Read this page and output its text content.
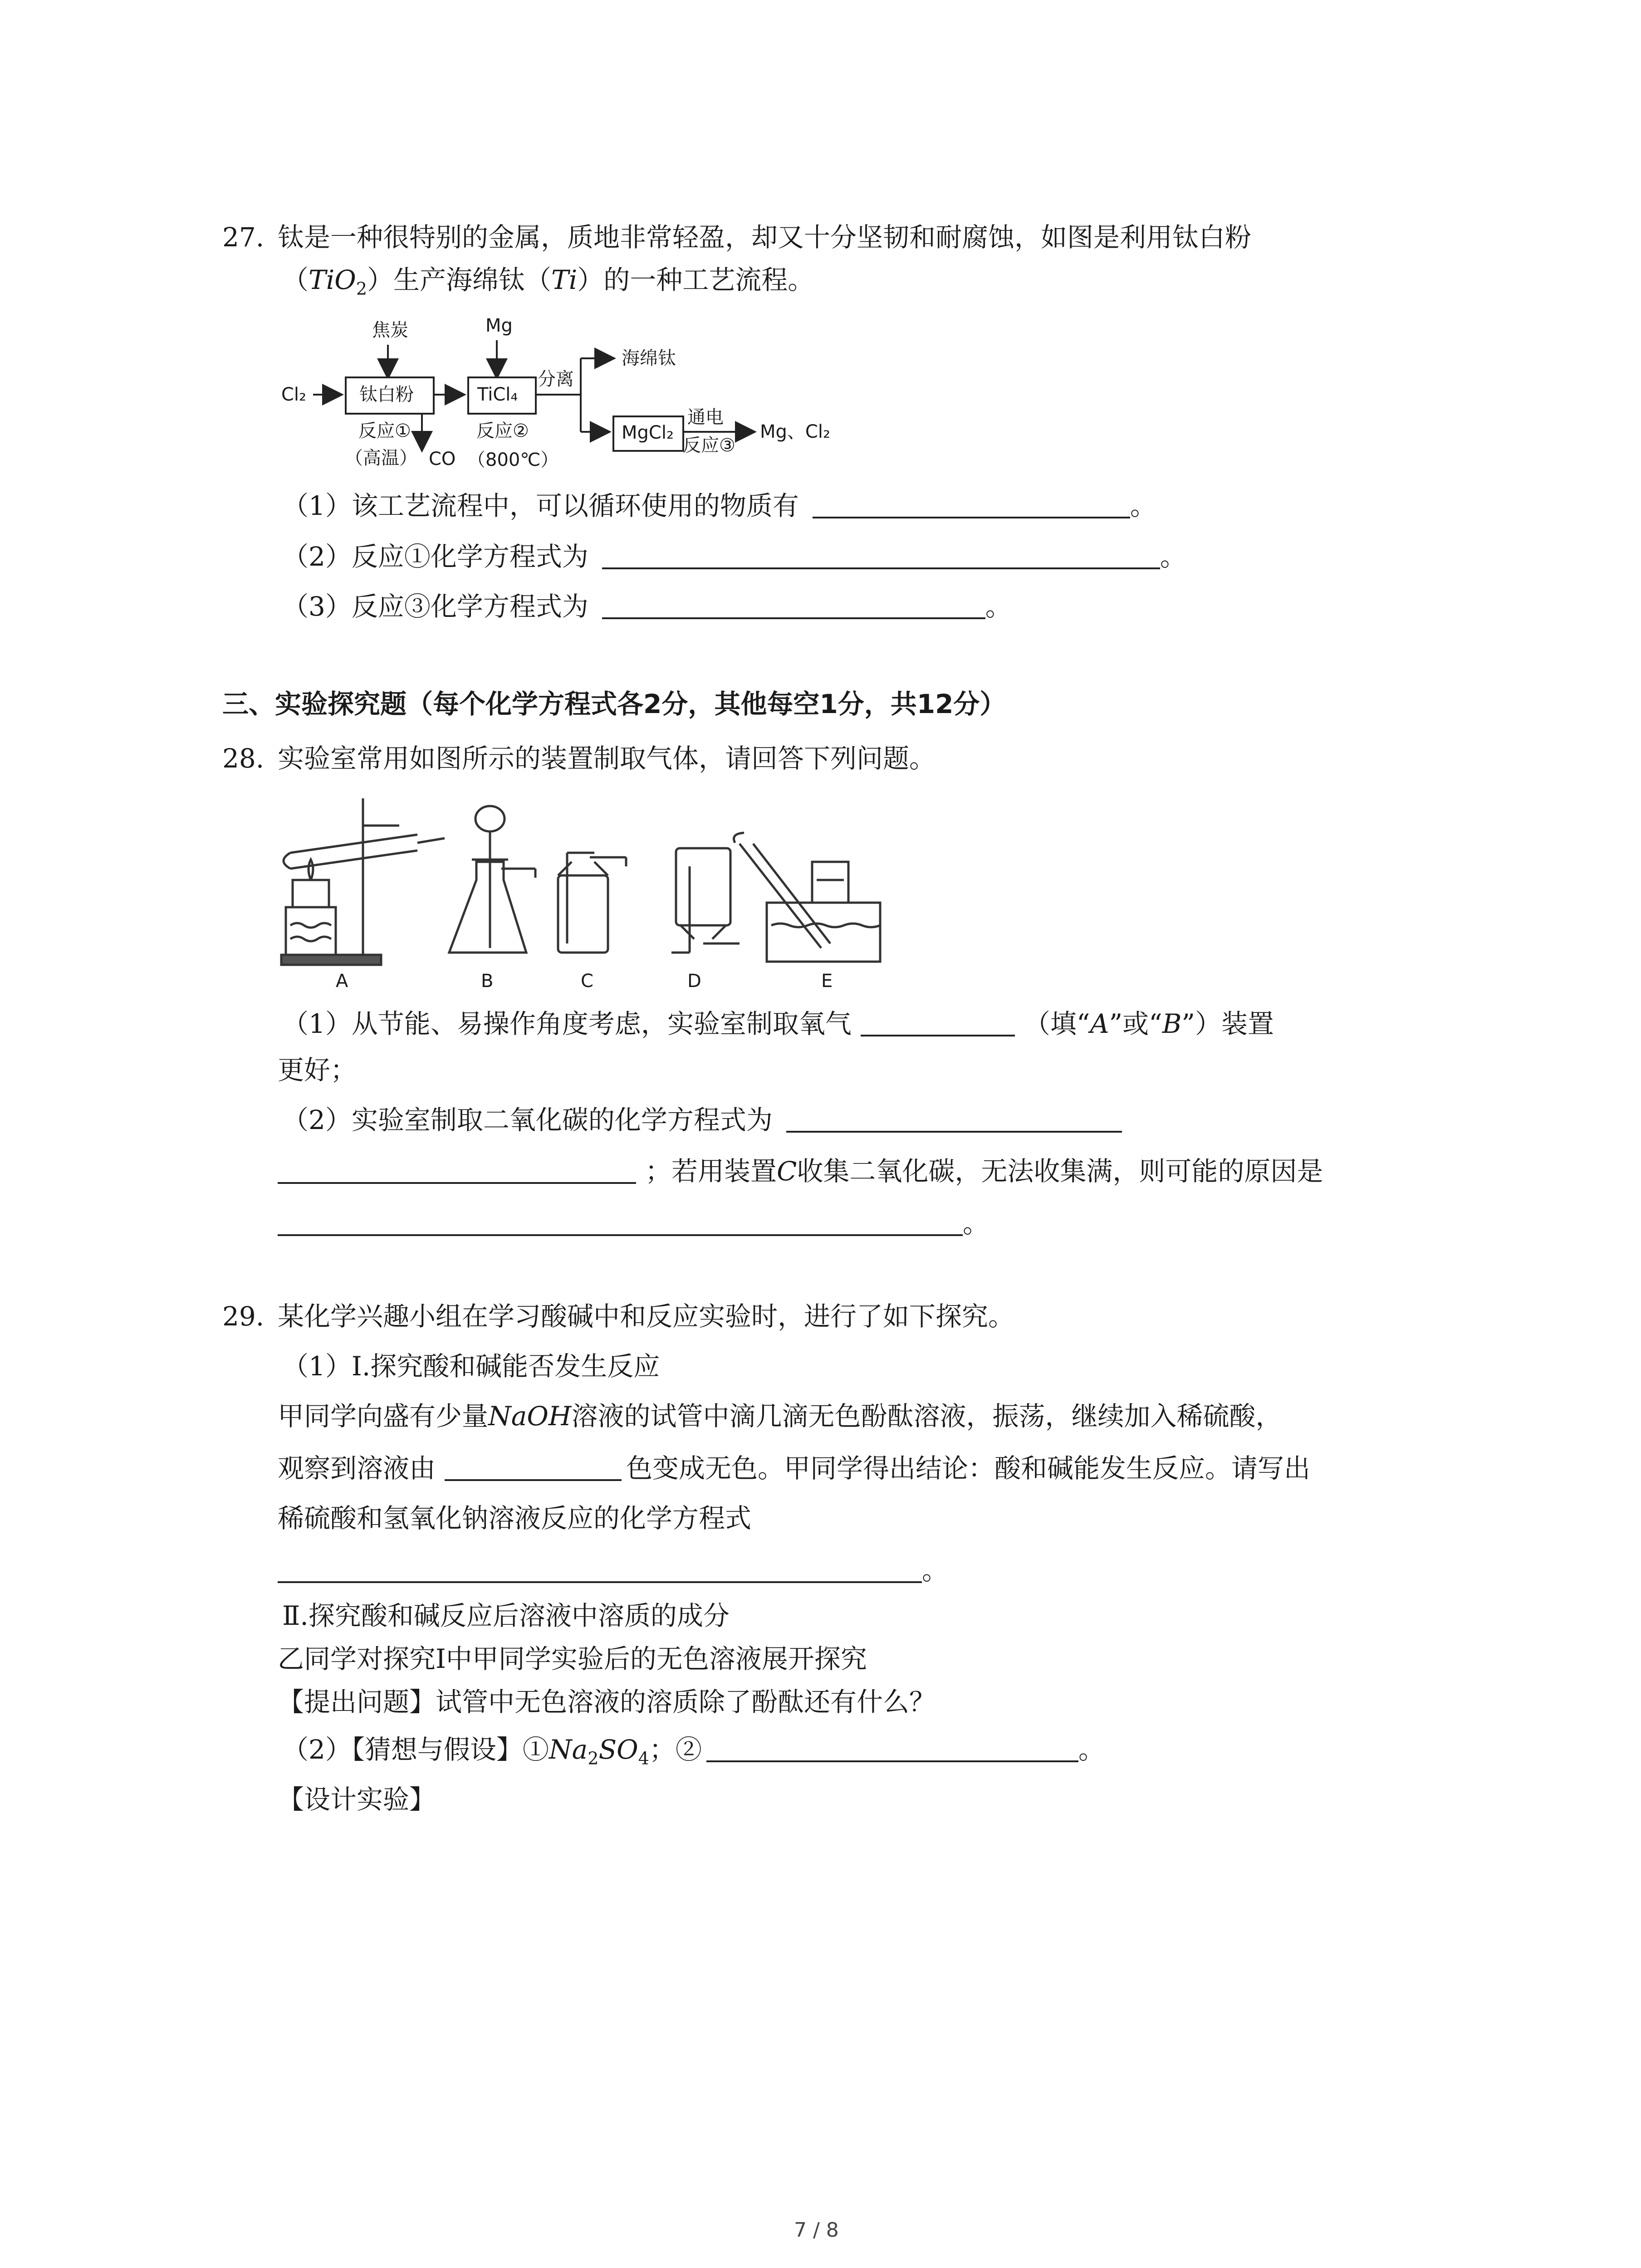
27. 钛是一种很特别的金属，质地非常轻盈，却又十分坚韧和耐腐蚀，如图是利用钛白粉
（TiO$_2$）生产海绵钛（Ti）的一种工艺流程。
焦炭	Mg
Cl₂	钛白粉	TiCl₄
分离
海绵钛
MgCl₂
通电
反应③
Mg、Cl₂
反应①
（高温） CO
反应②
（800℃）
（1）该工艺流程中，可以循环使用的物质有	。
（2）反应①化学方程式为	。
（3）反应③化学方程式为	。
三、实验探究题（每个化学方程式各2分，其他每空1分，共12分）
28. 实验室常用如图所示的装置制取气体，请回答下列问题。
A	B	C	D	E
（1）从节能、易操作角度考虑，实验室制取氧气	（填“A”或“B”）装置
更好；
（2）实验室制取二氧化碳的化学方程式为
；若用装置C收集二氧化碳，无法收集满，则可能的原因是
。
29. 某化学兴趣小组在学习酸碱中和反应实验时，进行了如下探究。
（1）Ⅰ.探究酸和碱能否发生反应
甲同学向盛有少量NaOH溶液的试管中滴几滴无色酚酞溶液，振荡，继续加入稀硫酸，
观察到溶液由	色变成无色。甲同学得出结论：酸和碱能发生反应。请写出
稀硫酸和氢氧化钠溶液反应的化学方程式
。
Ⅱ.探究酸和碱反应后溶液中溶质的成分
乙同学对探究Ⅰ中甲同学实验后的无色溶液展开探究
【提出问题】试管中无色溶液的溶质除了酚酞还有什么？
（2）【猜想与假设】$①Na_2SO_4$；②	。
【设计实验】
7 / 8
